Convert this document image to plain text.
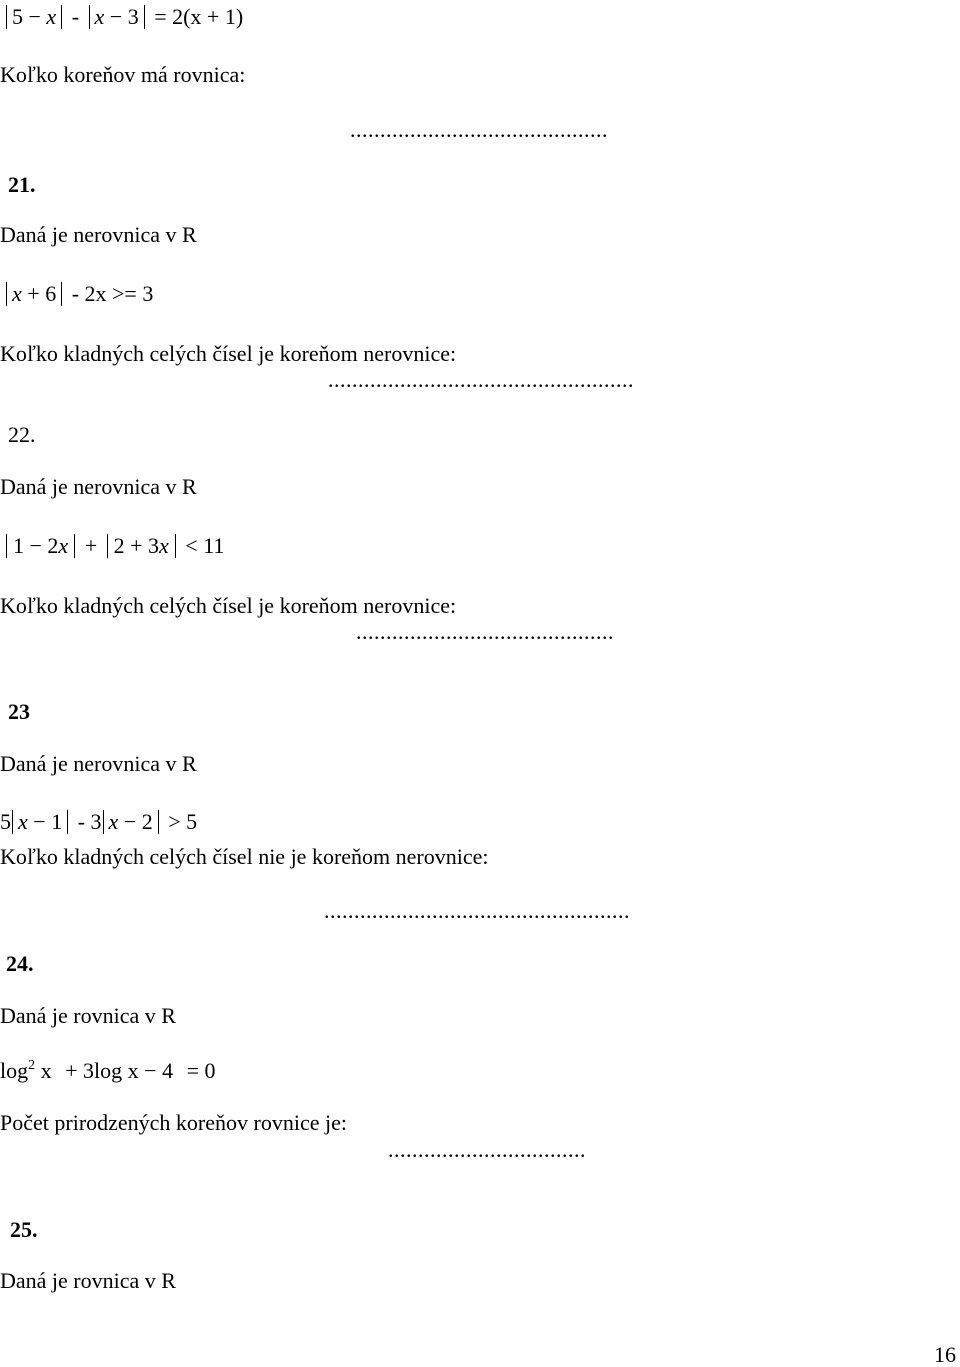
5 − x - x − 3 = 2(x + 1)
Koľko koreňov má rovnica:
...........................................
21.
Daná je nerovnica v R
x + 6 - 2x >= 3
Koľko kladných celých čísel je koreňom nerovnice:
...................................................
22.
Daná je nerovnica v R
1 − 2x + 2 + 3x < 11
Koľko kladných celých čísel je koreňom nerovnice:
...........................................
23
Daná je nerovnica v R
5 x − 1 - 3 x − 2 > 5
Koľko kladných celých čísel nie je koreňom nerovnice:
...................................................
24.
Daná je rovnica v R
$\log^2 x + 3\log$ x − 4 = 0
Počet prirodzených koreňov rovnice je:
.................................
25.
Daná je rovnica v R
16
